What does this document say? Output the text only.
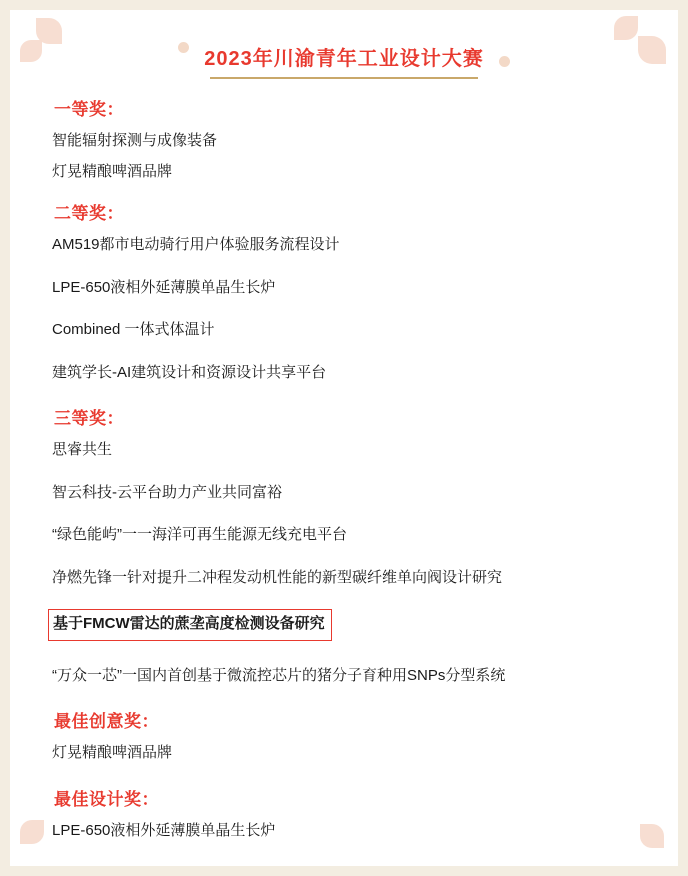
2023年川渝青年工业设计大赛
一等奖：
智能辐射探测与成像装备
灯晃精酿啤酒品牌
二等奖：
AM519都市电动骑行用户体验服务流程设计
LPE-650液相外延薄膜单晶生长炉
Combined 一体式体温计
建筑学长-AI建筑设计和资源设计共享平台
三等奖：
思睿共生
智云科技-云平台助力产业共同富裕
“绿色能屿”一一海洋可再生能源无线充电平台
净燃先锋一针对提升二冲程发动机性能的新型碳纤维单向阀设计研究
基于FMCW雷达的蔗垄高度检测设备研究
“万众一芯”一国内首创基于微流控芯片的猪分子育种用SNPs分型系统
最佳创意奖：
灯晃精酿啤酒品牌
最佳设计奖：
LPE-650液相外延薄膜单晶生长炉
